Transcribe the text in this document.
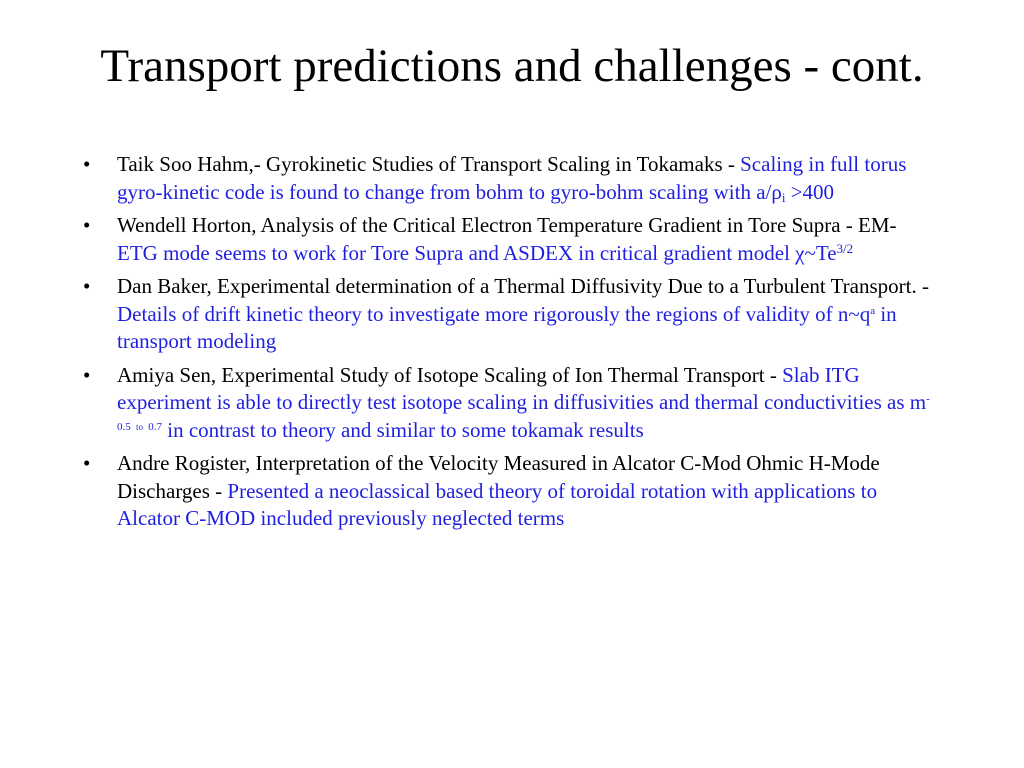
Transport predictions and challenges - cont.
• Taik Soo Hahm,- Gyrokinetic Studies of Transport Scaling in Tokamaks - Scaling in full torus gyro-kinetic code is found to change from bohm to gyro-bohm scaling with $a/\rho_i >400$
• Wendell Horton, Analysis of the Critical Electron Temperature Gradient in Tore Supra - EM- ETG mode seems to work for Tore Supra and ASDEX in critical gradient model $\chi\sim Te^{3/2}$
• Dan Baker, Experimental determination of a Thermal Diffusivity Due to a Turbulent Transport. - Details of drift kinetic theory to investigate more rigorously the regions of validity of $n\sim q^a$ in transport modeling
• Amiya Sen, Experimental Study of Isotope Scaling of Ion Thermal Transport - Slab ITG experiment is able to directly test isotope scaling in diffusivities and thermal conductivities as $m^{-0.5}$ $^{to}$ $^{0.7}$ in contrast to theory and similar to some tokamak results
• Andre Rogister, Interpretation of the Velocity Measured in Alcator C-Mod Ohmic H-Mode Discharges - Presented a neoclassical based theory of toroidal rotation with applications to Alcator C-MOD included previously neglected terms
